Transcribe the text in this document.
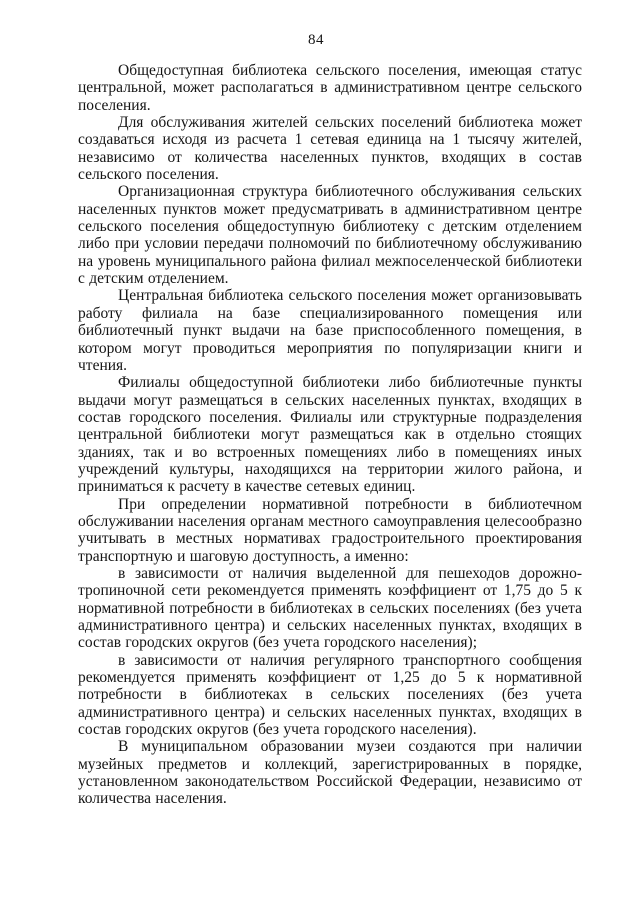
84

Общедоступная библиотека сельского поселения, имеющая статус центральной, может располагаться в административном центре сельского поселения.

Для обслуживания жителей сельских поселений библиотека может создаваться исходя из расчета 1 сетевая единица на 1 тысячу жителей, независимо от количества населенных пунктов, входящих в состав сельского поселения.

Организационная структура библиотечного обслуживания сельских населенных пунктов может предусматривать в административном центре сельского поселения общедоступную библиотеку с детским отделением либо при условии передачи полномочий по библиотечному обслуживанию на уровень муниципального района филиал межпоселенческой библиотеки с детским отделением.

Центральная библиотека сельского поселения может организовывать работу филиала на базе специализированного помещения или библиотечный пункт выдачи на базе приспособленного помещения, в котором могут проводиться мероприятия по популяризации книги и чтения.

Филиалы общедоступной библиотеки либо библиотечные пункты выдачи могут размещаться в сельских населенных пунктах, входящих в состав городского поселения. Филиалы или структурные подразделения центральной библиотеки могут размещаться как в отдельно стоящих зданиях, так и во встроенных помещениях либо в помещениях иных учреждений культуры, находящихся на территории жилого района, и приниматься к расчету в качестве сетевых единиц.

При определении нормативной потребности в библиотечном обслуживании населения органам местного самоуправления целесообразно учитывать в местных нормативах градостроительного проектирования транспортную и шаговую доступность, а именно:

в зависимости от наличия выделенной для пешеходов дорожно-тропиночной сети рекомендуется применять коэффициент от 1,75 до 5 к нормативной потребности в библиотеках в сельских поселениях (без учета административного центра) и сельских населенных пунктах, входящих в состав городских округов (без учета городского населения);

в зависимости от наличия регулярного транспортного сообщения рекомендуется применять коэффициент от 1,25 до 5 к нормативной потребности в библиотеках в сельских поселениях (без учета административного центра) и сельских населенных пунктах, входящих в состав городских округов (без учета городского населения).

В муниципальном образовании музеи создаются при наличии музейных предметов и коллекций, зарегистрированных в порядке, установленном законодательством Российской Федерации, независимо от количества населения.
